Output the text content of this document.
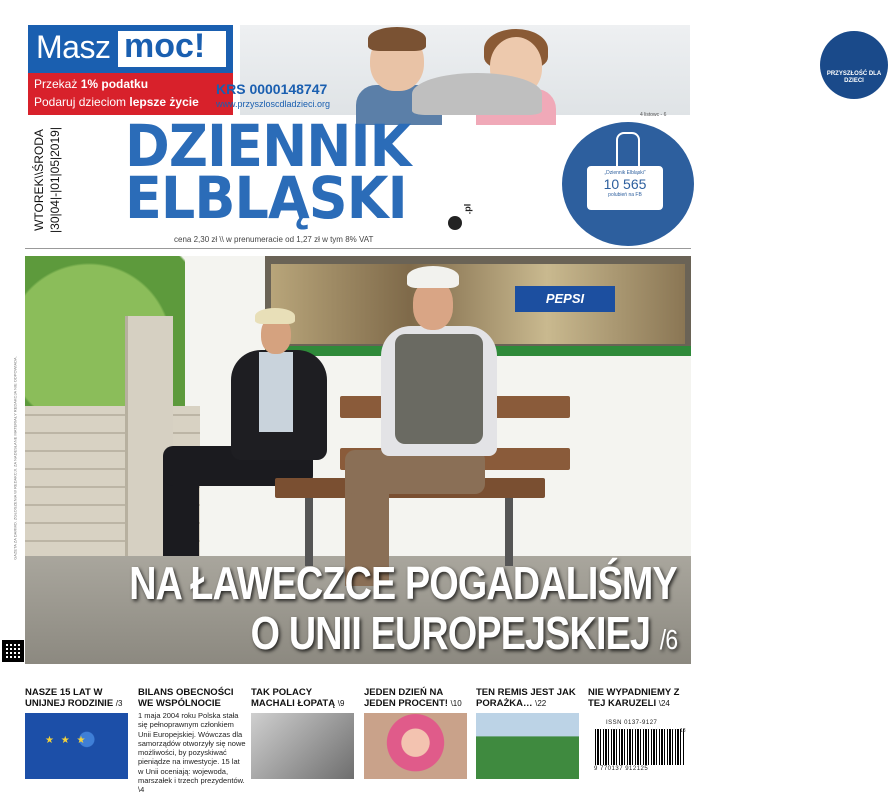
Masz moc!
Przekaż 1% podatku
Podaruj dzieciom lepsze życie
PRZYSZŁOŚĆ DLA DZIECI
KRS 0000148747
www.przyszloscdladzieci.org
WTOREK\\ŚRODA |30|04|-|01|05|2019| DZIENNIK
ELBLĄSKI	.pl
cena 2,30 zł \\ w prenumeracie od 1,27 zł w tym 8% VAT
4 listowc - 6
„Dziennik Elbląski”
10 565
polubień na FB
GAZETA ZA DARMO. ZGŁOSZENIA W REDAKCJI. ZA NADESŁANE MATERIAŁY REDAKCJA NIE ODPOWIADA.
PEPSI
NA ŁAWECZCE POGADALIŚMY
O UNII EUROPEJSKIEJ /6
NASZE 15 LAT W UNIJNEJ RODZINIE /3
★ ★ ★
BILANS OBECNOŚCI WE WSPÓLNOCIE
1 maja 2004 roku Polska stała się pełnoprawnym członkiem Unii Europejskiej. Wówczas dla samorządów otworzyły się nowe możliwości, by pozyskiwać pieniądze na inwestycje. 15 lat w Unii oceniają: wojewoda, marszałek i trzech prezydentów. \4
TAK POLACY MACHALI ŁOPATĄ \9
JEDEN DZIEŃ NA JEDEN PROCENT! \10
TEN REMIS JEST JAK PORAŻKA… \22
NIE WYPADNIEMY Z TEJ KARUZELI \24
ISSN 0137-9127
18
9 770137 912125
